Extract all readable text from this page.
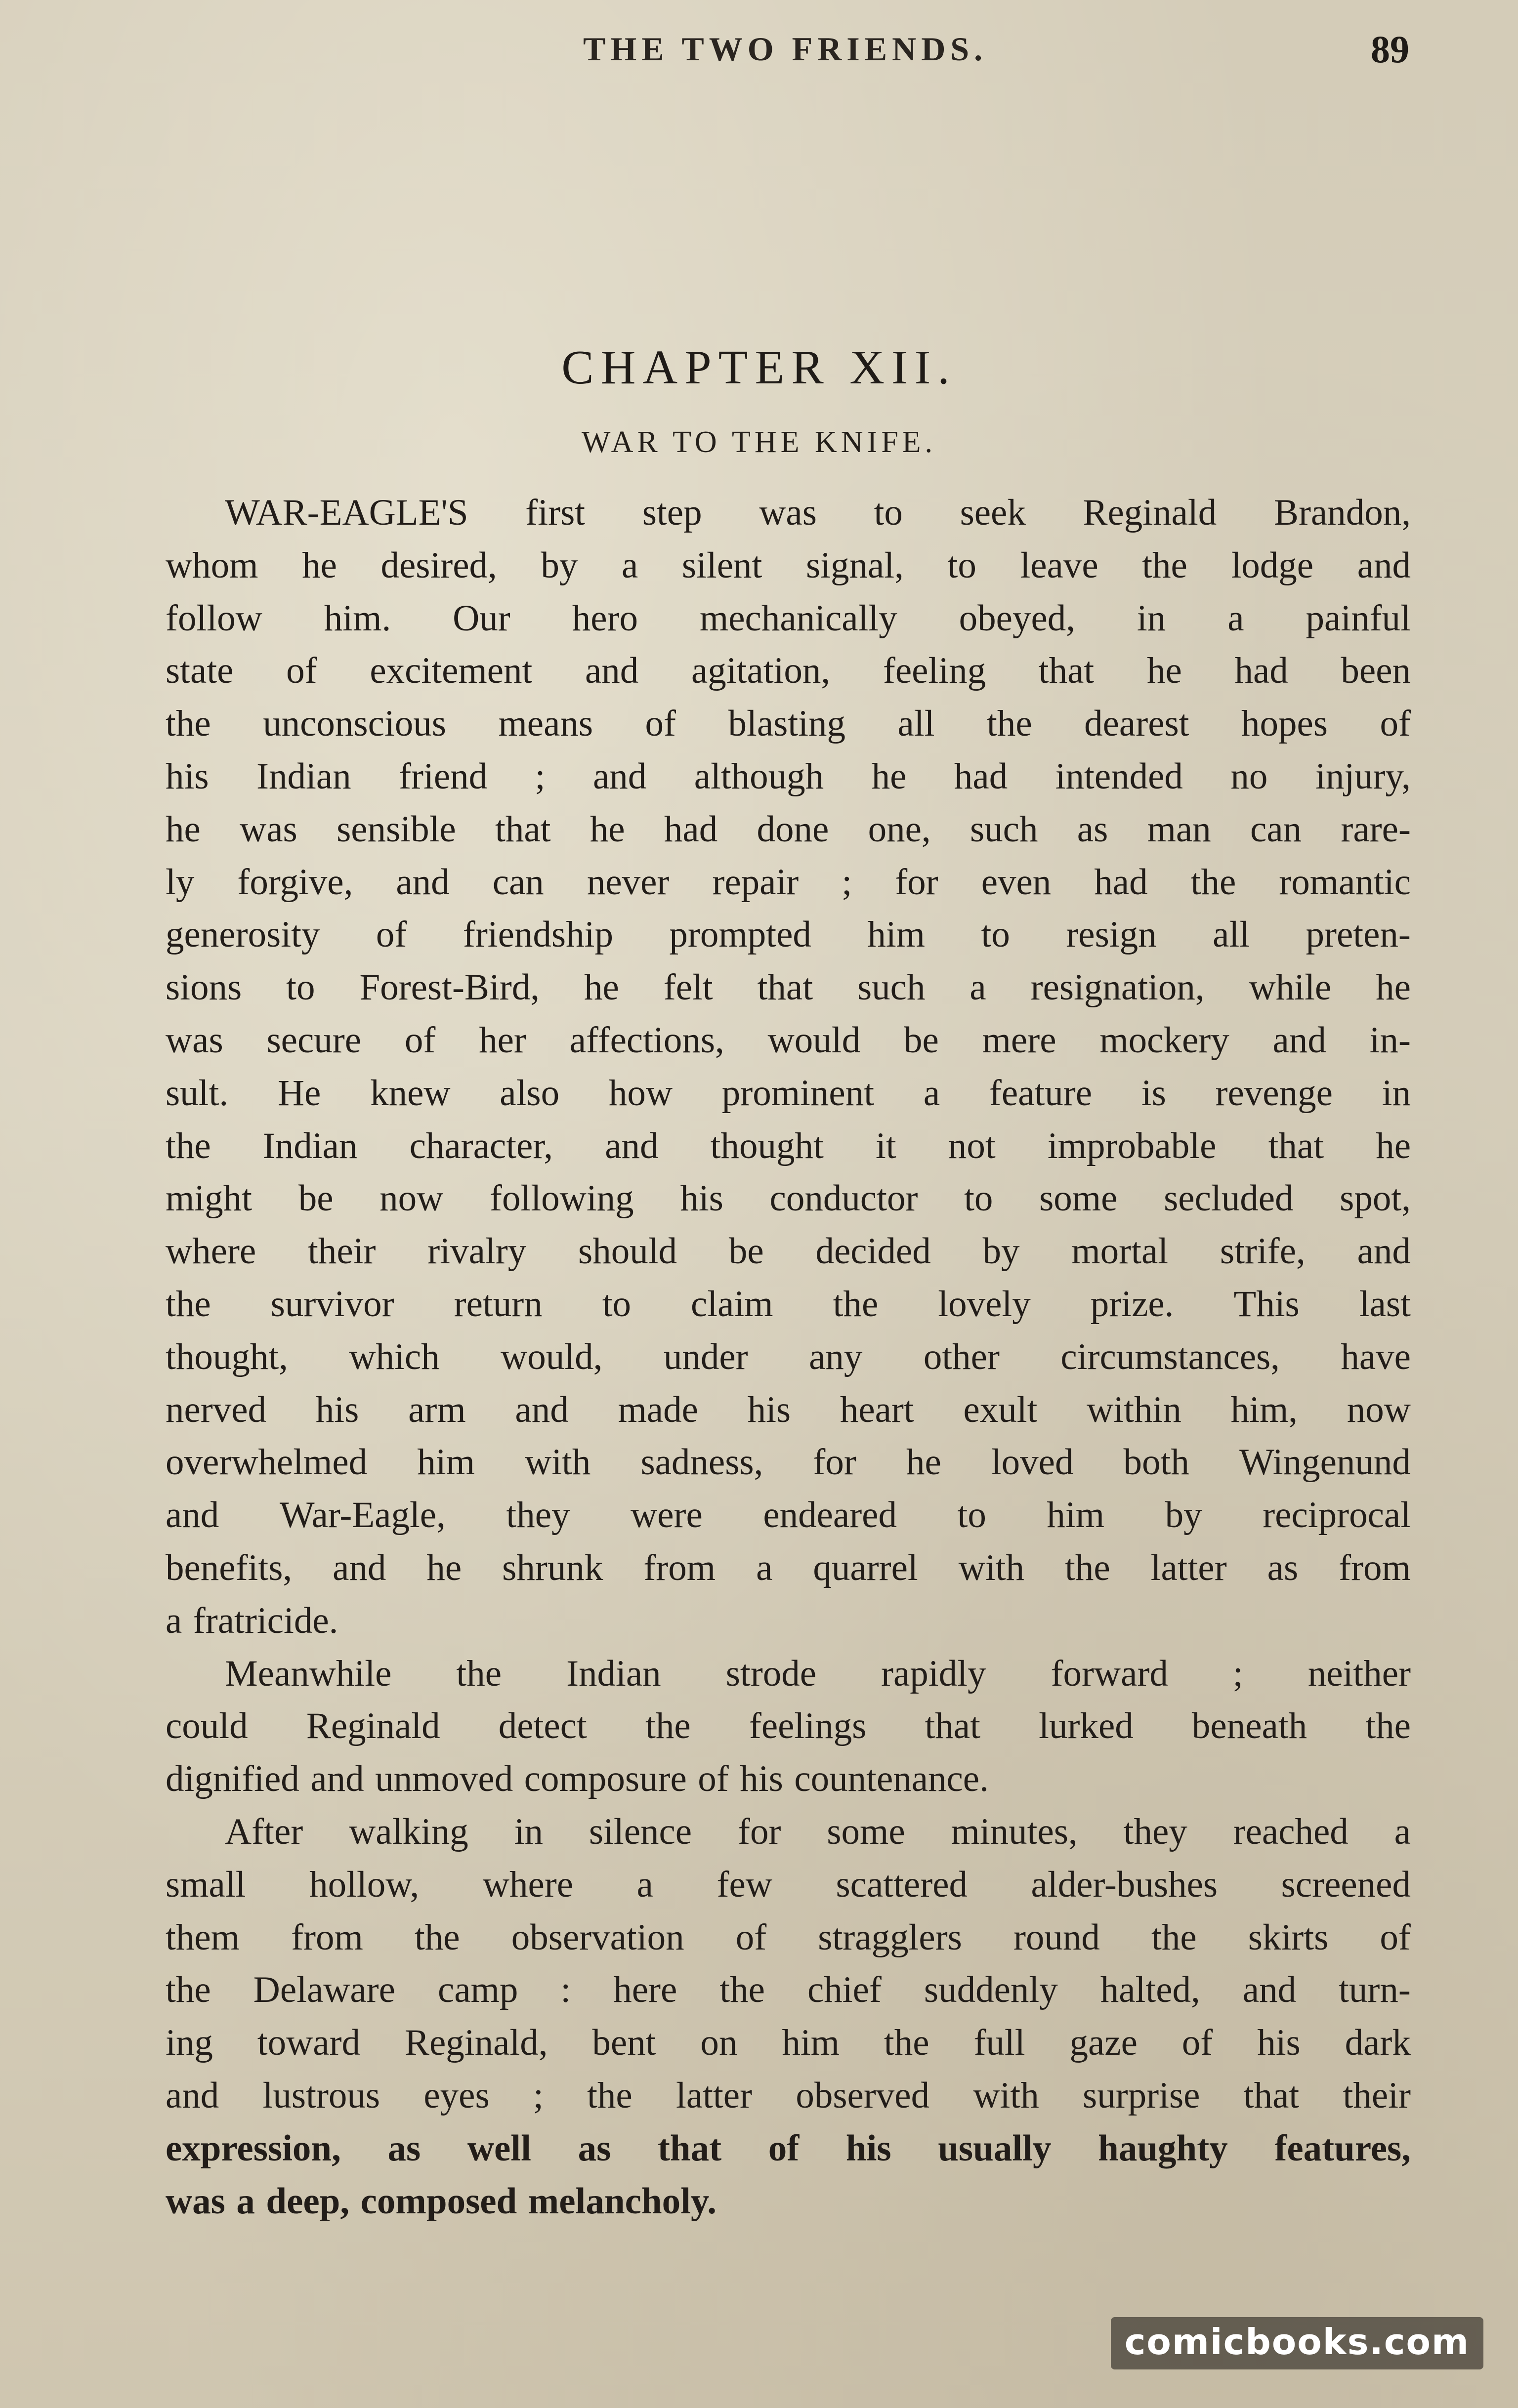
THE TWO FRIENDS.	89
CHAPTER XII.
WAR TO THE KNIFE.
WAR-EAGLE'S first step was to seek Reginald Brandon,
whom he desired, by a silent signal, to leave the lodge and
follow him. Our hero mechanically obeyed, in a painful
state of excitement and agitation, feeling that he had been
the unconscious means of blasting all the dearest hopes of
his Indian friend ; and although he had intended no injury,
he was sensible that he had done one, such as man can rare-
ly forgive, and can never repair ; for even had the romantic
generosity of friendship prompted him to resign all preten-
sions to Forest-Bird, he felt that such a resignation, while he
was secure of her affections, would be mere mockery and in-
sult. He knew also how prominent a feature is revenge in
the Indian character, and thought it not improbable that he
might be now following his conductor to some secluded spot,
where their rivalry should be decided by mortal strife, and
the survivor return to claim the lovely prize. This last
thought, which would, under any other circumstances, have
nerved his arm and made his heart exult within him, now
overwhelmed him with sadness, for he loved both Wingenund
and War-Eagle, they were endeared to him by reciprocal
benefits, and he shrunk from a quarrel with the latter as from
a fratricide.
Meanwhile the Indian strode rapidly forward ; neither
could Reginald detect the feelings that lurked beneath the
dignified and unmoved composure of his countenance.
After walking in silence for some minutes, they reached a
small hollow, where a few scattered alder-bushes screened
them from the observation of stragglers round the skirts of
the Delaware camp : here the chief suddenly halted, and turn-
ing toward Reginald, bent on him the full gaze of his dark
and lustrous eyes ; the latter observed with surprise that their
expression, as well as that of his usually haughty features,
was a deep, composed melancholy.
comicbooks.com
